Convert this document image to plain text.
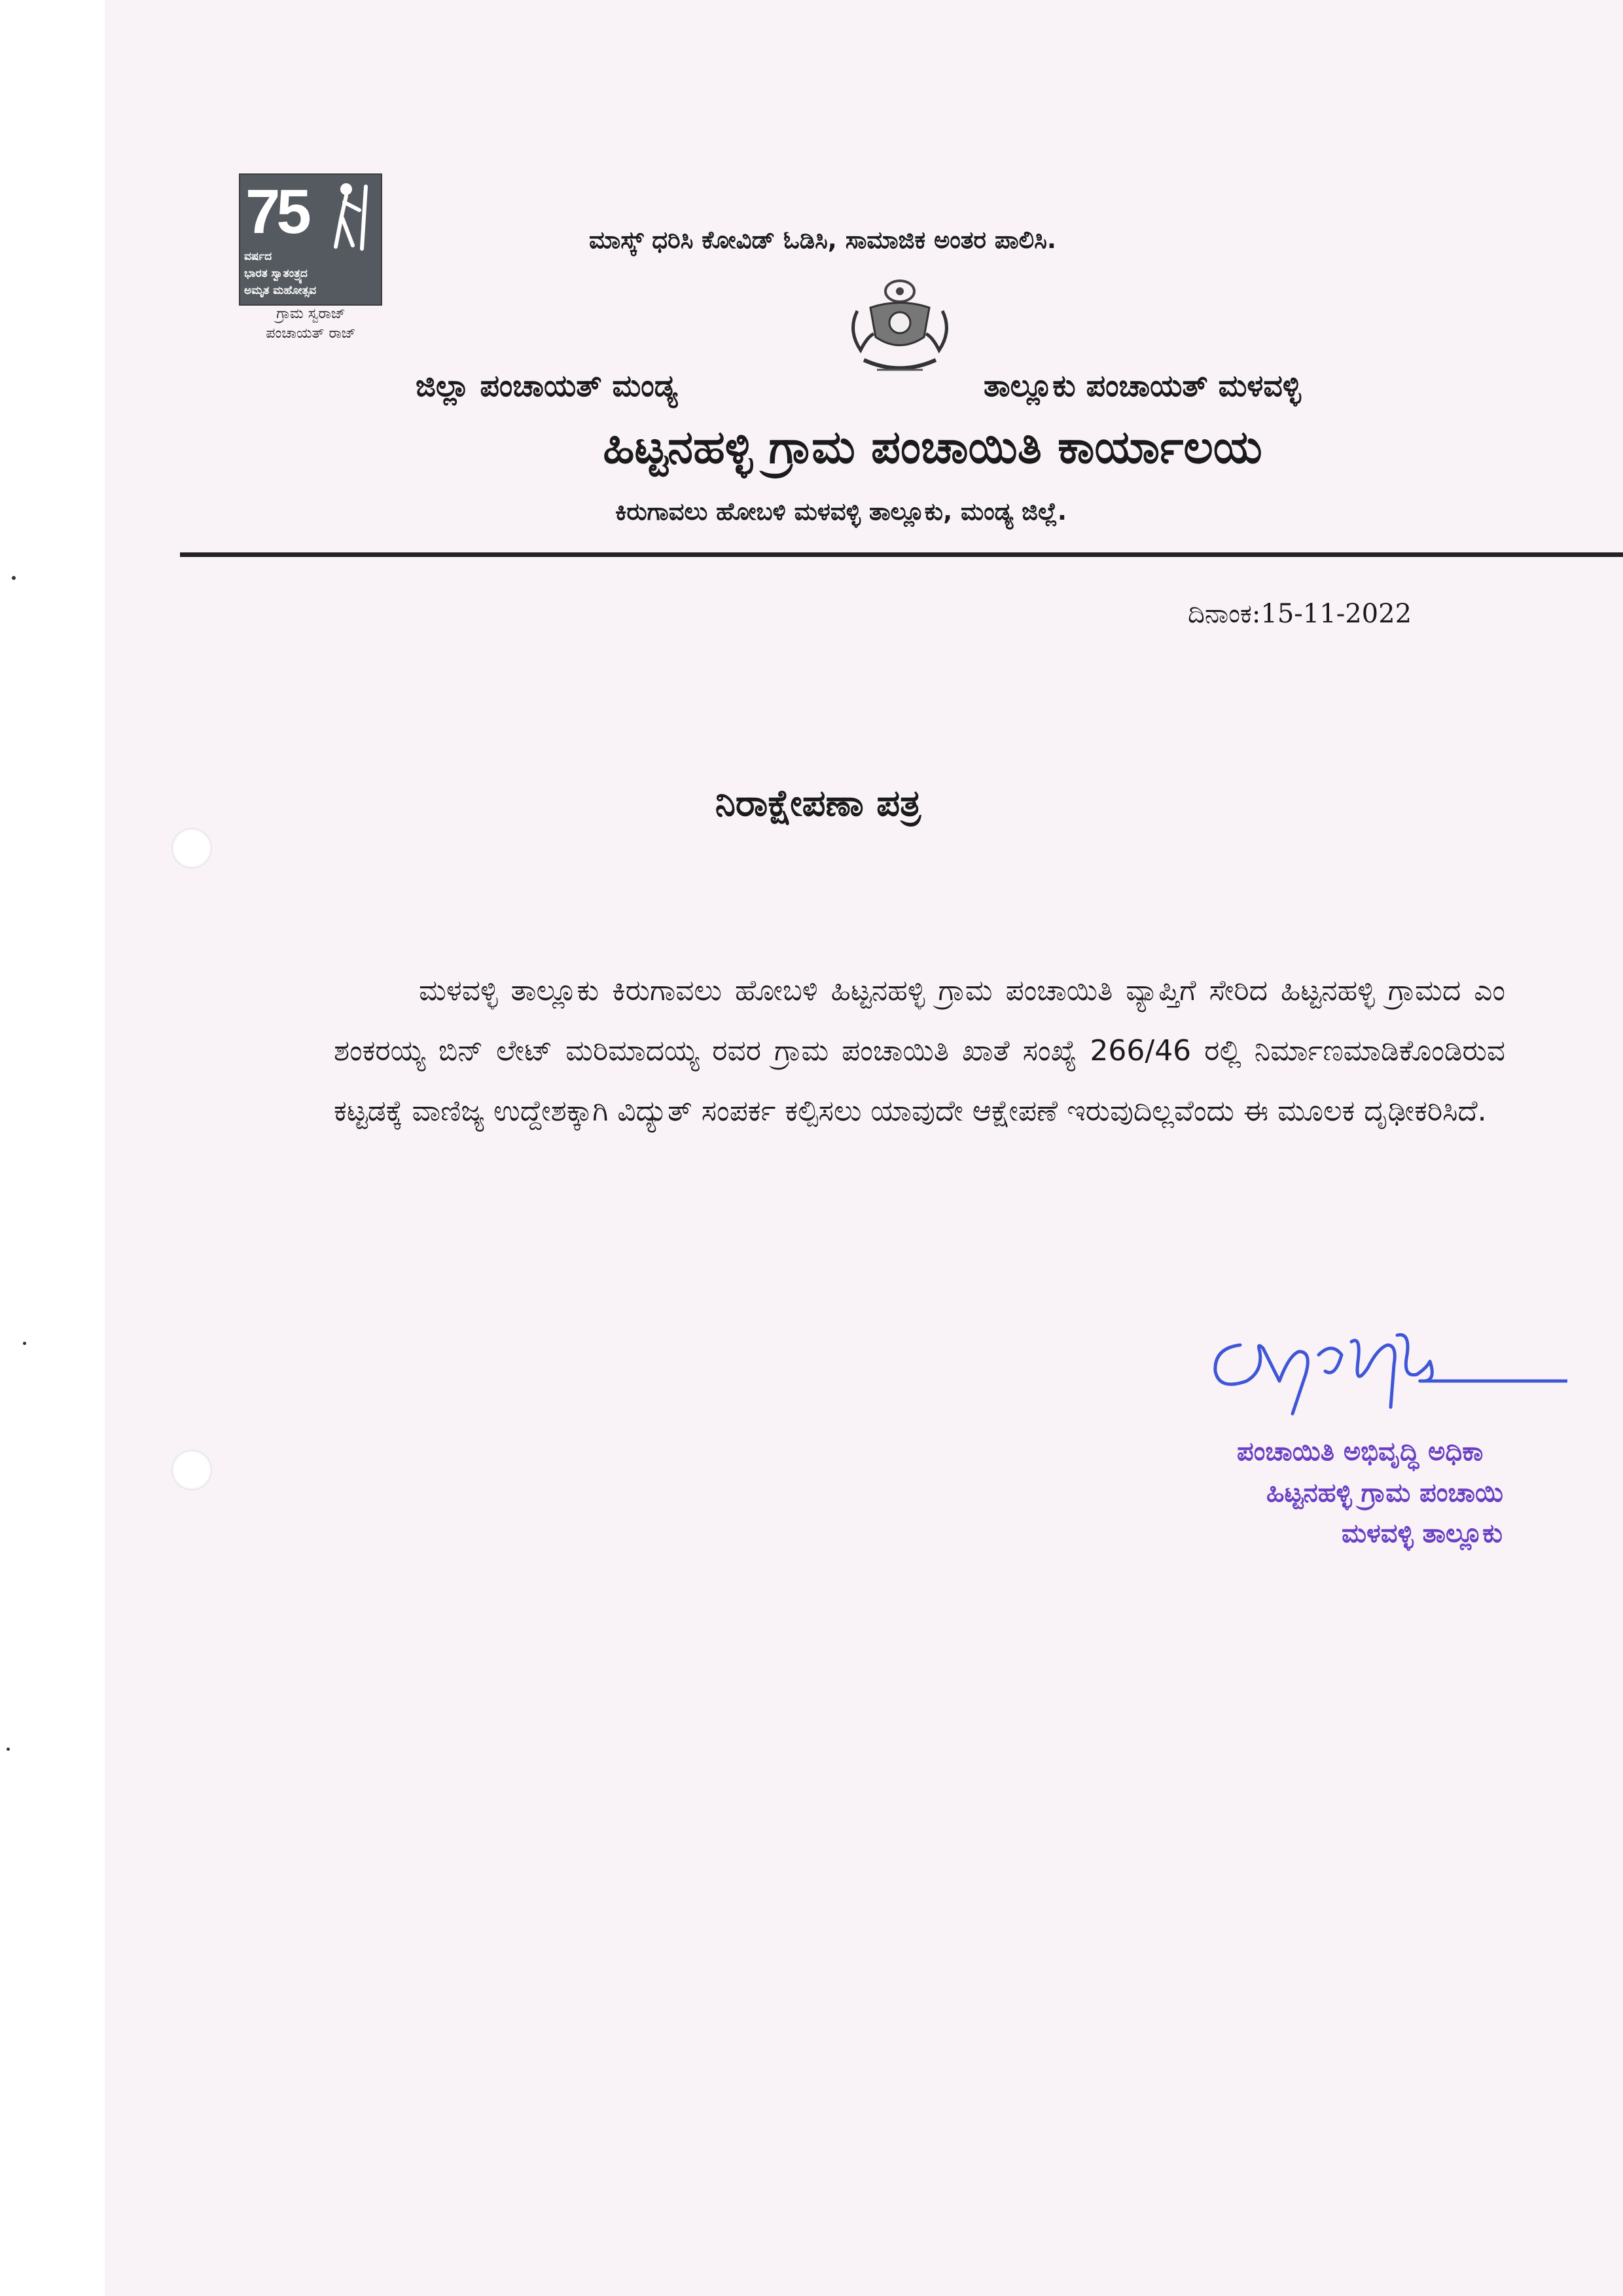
75
ವರ್ಷದ
ಭಾರತ ಸ್ವಾತಂತ್ರ್ಯದ
ಅಮೃತ ಮಹೋತ್ಸವ
ಗ್ರಾಮ ಸ್ವರಾಜ್
ಪಂಚಾಯತ್ ರಾಜ್
ಮಾಸ್ಕ್ ಧರಿಸಿ ಕೋವಿಡ್ ಓಡಿಸಿ, ಸಾಮಾಜಿಕ ಅಂತರ ಪಾಲಿಸಿ.
ಜಿಲ್ಲಾ ಪಂಚಾಯತ್ ಮಂಡ್ಯ	ತಾಲ್ಲೂಕು ಪಂಚಾಯತ್ ಮಳವಳ್ಳಿ
ಹಿಟ್ಟನಹಳ್ಳಿ ಗ್ರಾಮ ಪಂಚಾಯಿತಿ ಕಾರ್ಯಾಲಯ
ಕಿರುಗಾವಲು ಹೋಬಳಿ ಮಳವಳ್ಳಿ ತಾಲ್ಲೂಕು, ಮಂಡ್ಯ ಜಿಲ್ಲೆ.
ದಿನಾಂಕ:15-11-2022
ನಿರಾಕ್ಷೇಪಣಾ ಪತ್ರ
ಮಳವಳ್ಳಿ ತಾಲ್ಲೂಕು ಕಿರುಗಾವಲು ಹೋಬಳಿ ಹಿಟ್ಟನಹಳ್ಳಿ ಗ್ರಾಮ ಪಂಚಾಯಿತಿ ವ್ಯಾಪ್ತಿಗೆ ಸೇರಿದ ಹಿಟ್ಟನಹಳ್ಳಿ ಗ್ರಾಮದ ಎಂ ಶಂಕರಯ್ಯ ಬಿನ್ ಲೇಟ್ ಮರಿಮಾದಯ್ಯ ರವರ ಗ್ರಾಮ ಪಂಚಾಯಿತಿ ಖಾತೆ ಸಂಖ್ಯೆ 266/46 ರಲ್ಲಿ ನಿರ್ಮಾಣಮಾಡಿಕೊಂಡಿರುವ ಕಟ್ಟಡಕ್ಕೆ ವಾಣಿಜ್ಯ ಉದ್ದೇಶಕ್ಕಾಗಿ ವಿದ್ಯುತ್ ಸಂಪರ್ಕ ಕಲ್ಪಿಸಲು ಯಾವುದೇ ಆಕ್ಷೇಪಣೆ ಇರುವುದಿಲ್ಲವೆಂದು ಈ ಮೂಲಕ ದೃಢೀಕರಿಸಿದೆ.
ಪಂಚಾಯಿತಿ ಅಭಿವೃದ್ಧಿ ಅಧಿಕಾ
ಹಿಟ್ಟನಹಳ್ಳಿ ಗ್ರಾಮ ಪಂಚಾಯಿ
ಮಳವಳ್ಳಿ ತಾಲ್ಲೂಕು
